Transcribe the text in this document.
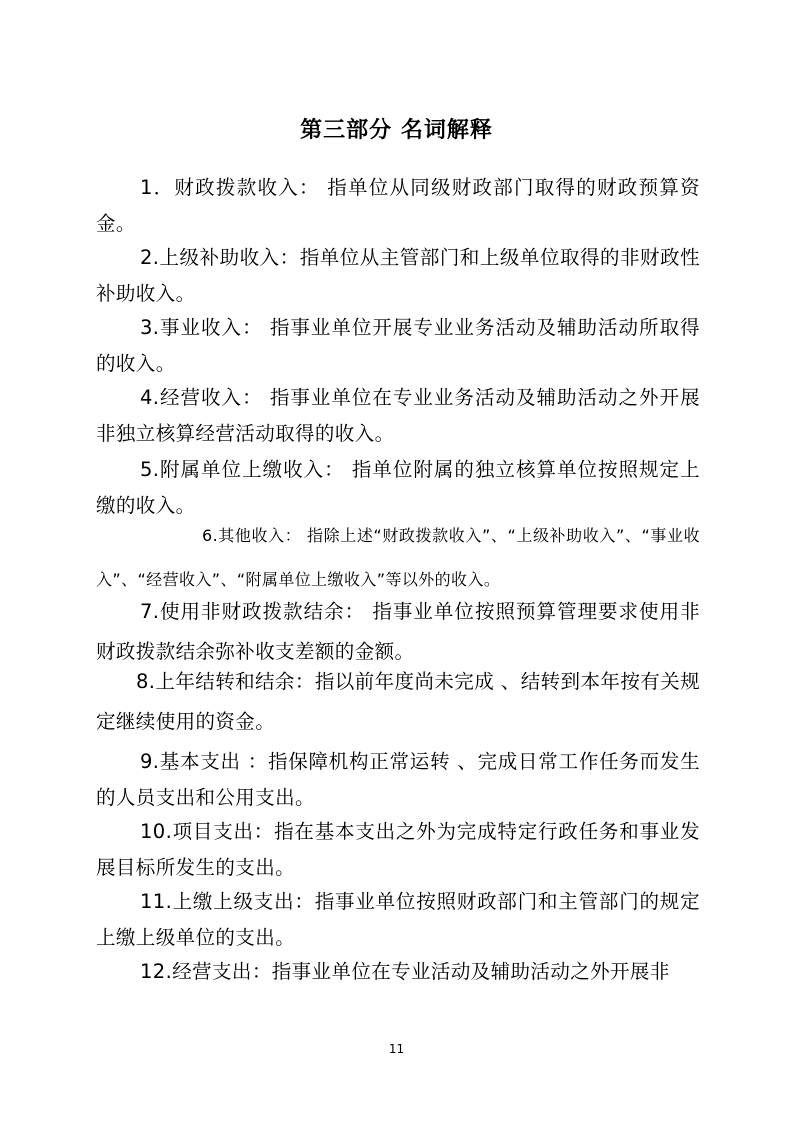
第三部分 名词解释
1．财政拨款收入： 指单位从同级财政部门取得的财政预算资金。
2.上级补助收入：指单位从主管部门和上级单位取得的非财政性补助收入。
3.事业收入： 指事业单位开展专业业务活动及辅助活动所取得的收入。
4.经营收入： 指事业单位在专业业务活动及辅助活动之外开展非独立核算经营活动取得的收入。
5.附属单位上缴收入： 指单位附属的独立核算单位按照规定上缴的收入。
6.其他收入： 指除上述“财政拨款收入”、“上级补助收入”、“事业收入”、“经营收入”、“附属单位上缴收入”等以外的收入。
7.使用非财政拨款结余： 指事业单位按照预算管理要求使用非财政拨款结余弥补收支差额的金额。
8.上年结转和结余：指以前年度尚未完成 、结转到本年按有关规定继续使用的资金。
9.基本支出 ：指保障机构正常运转 、完成日常工作任务而发生的人员支出和公用支出。
10.项目支出：指在基本支出之外为完成特定行政任务和事业发展目标所发生的支出。
11.上缴上级支出：指事业单位按照财政部门和主管部门的规定上缴上级单位的支出。
12.经营支出：指事业单位在专业活动及辅助活动之外开展非
11
